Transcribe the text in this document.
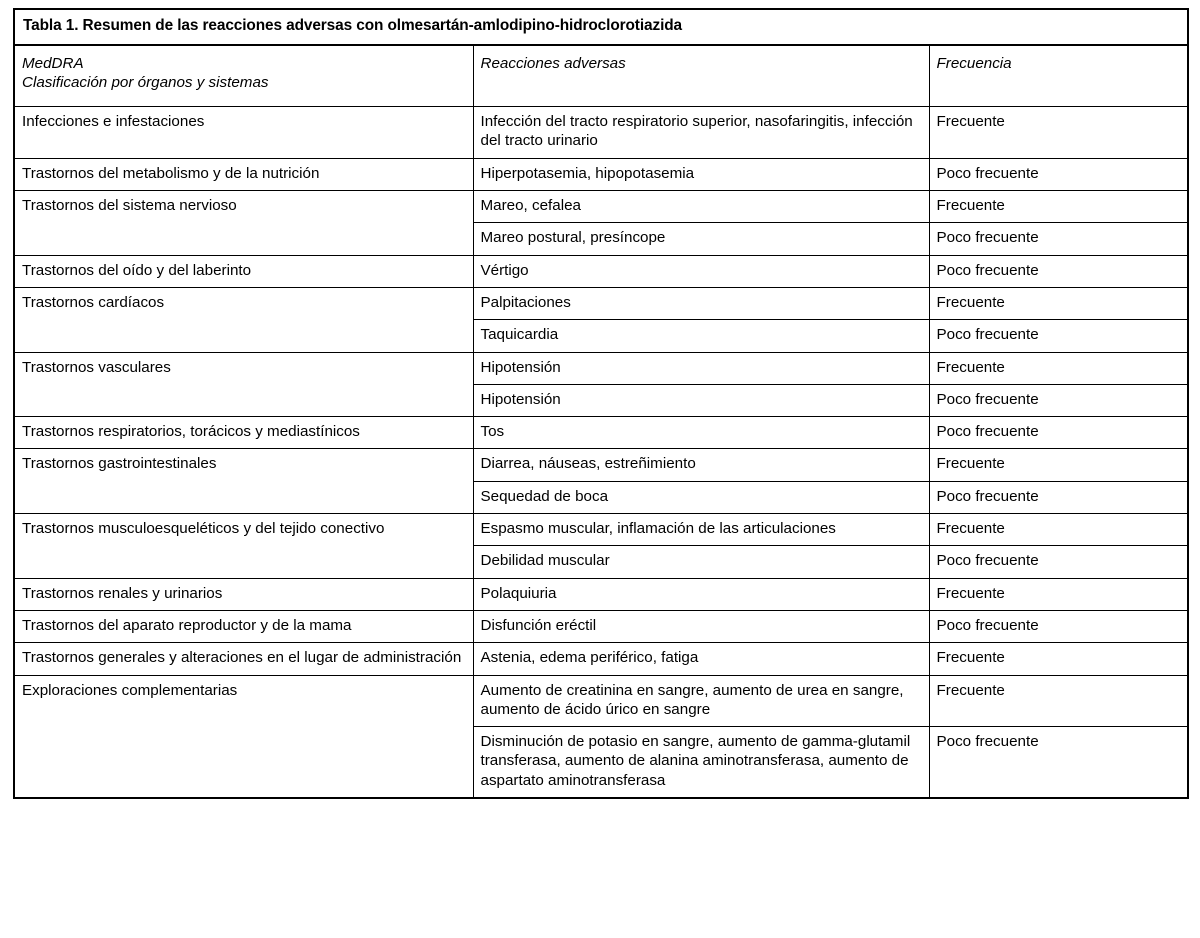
Tabla 1. Resumen de las reacciones adversas con olmesartán-amlodipino-hidroclorotiazida		

MedDRA
Clasificación por órganos y sistemas	Reacciones adversas	Frecuencia
Infecciones e infestaciones	Infección del tracto respiratorio superior, nasofaringitis, infección del tracto urinario	Frecuente
Trastornos del metabolismo y de la nutrición	Hiperpotasemia, hipopotasemia	Poco frecuente
Trastornos del sistema nervioso	Mareo, cefalea	Frecuente
	Mareo postural, presíncope	Poco frecuente
Trastornos del oído y del laberinto	Vértigo	Poco frecuente
Trastornos cardíacos	Palpitaciones	Frecuente
	Taquicardia	Poco frecuente
Trastornos vasculares	Hipotensión	Frecuente
	Hipotensión	Poco frecuente
Trastornos respiratorios, torácicos y mediastínicos	Tos	Poco frecuente
Trastornos gastrointestinales	Diarrea, náuseas, estreñimiento	Frecuente
	Sequedad de boca	Poco frecuente
Trastornos musculoesqueléticos y del tejido conectivo	Espasmo muscular, inflamación de las articulaciones	Frecuente
	Debilidad muscular	Poco frecuente
Trastornos renales y urinarios	Polaquiuria	Frecuente
Trastornos del aparato reproductor y de la mama	Disfunción eréctil	Poco frecuente
Trastornos generales y alteraciones en el lugar de administración	Astenia, edema periférico, fatiga	Frecuente
Exploraciones complementarias	Aumento de creatinina en sangre, aumento de urea en sangre, aumento de ácido úrico en sangre	Frecuente
	Disminución de potasio en sangre, aumento de gamma-glutamil transferasa, aumento de alanina aminotransferasa, aumento de aspartato aminotransferasa	Poco frecuente
